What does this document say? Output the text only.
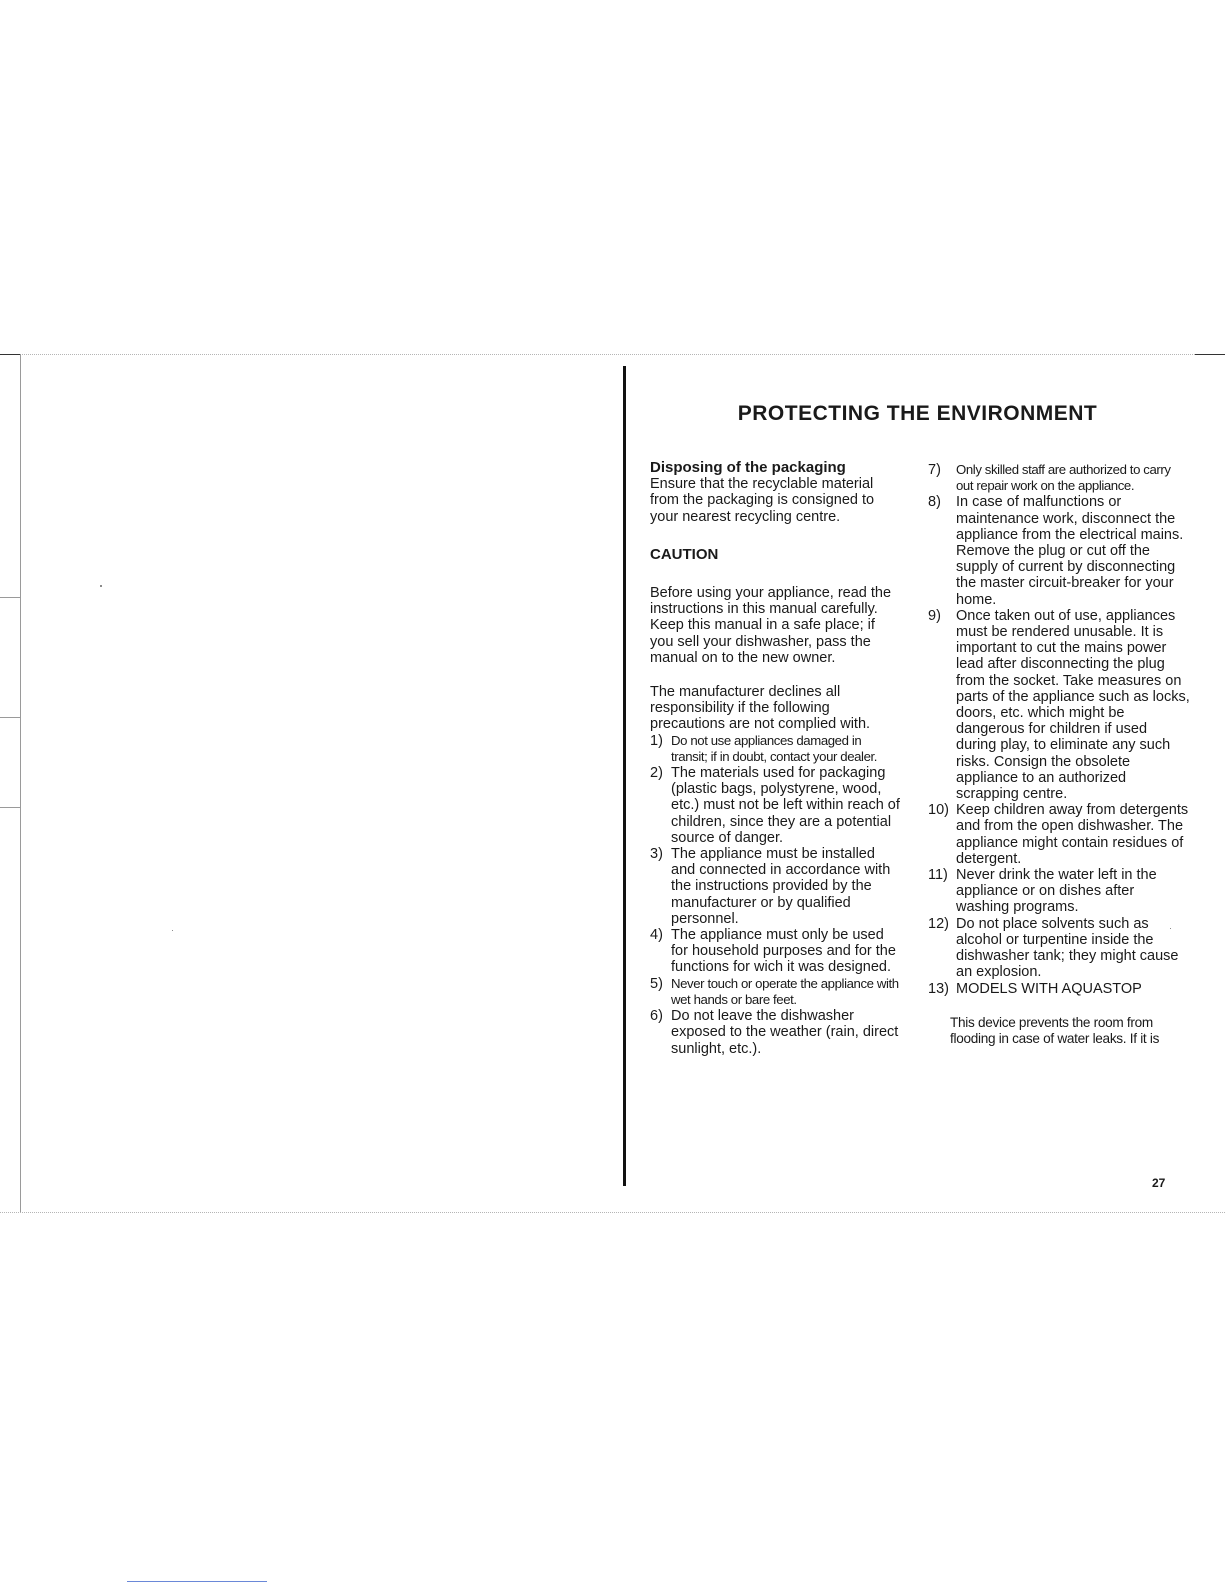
PROTECTING THE ENVIRONMENT

Disposing of the packaging

Ensure that the recyclable material from the packaging is consigned to your nearest recycling centre.

CAUTION

Before using your appliance, read the instructions in this manual carefully. Keep this manual in a safe place; if you sell your dishwasher, pass the manual on to the new owner.

The manufacturer declines all responsibility if the following precautions are not complied with.

1) Do not use appliances damaged in transit; if in doubt, contact your dealer.
2) The materials used for packaging (plastic bags, polystyrene, wood, etc.) must not be left within reach of children, since they are a potential source of danger.
3) The appliance must be installed and connected in accordance with the instructions provided by the manufacturer or by qualified personnel.
4) The appliance must only be used for household purposes and for the functions for wich it was designed.
5) Never touch or operate the appliance with wet hands or bare feet.
6) Do not leave the dishwasher exposed to the weather (rain, direct sunlight, etc.).
7)	Only skilled staff are authorized to carry out repair work on the appliance.
8)	In case of malfunctions or maintenance work, disconnect the appliance from the electrical mains. Remove the plug or cut off the supply of current by disconnecting the master circuit-breaker for your home.
9)	Once taken out of use, appliances must be rendered unusable. It is important to cut the mains power lead after disconnecting the plug from the socket. Take measures on parts of the appliance such as locks, doors, etc. which might be dangerous for children if used during play, to eliminate any such risks. Consign the obsolete appliance to an authorized scrapping centre.
10) Keep children away from detergents and from the open dishwasher. The appliance might contain residues of detergent.
11) Never drink the water left in the appliance or on dishes after washing programs.
12) Do not place solvents such as alcohol or turpentine inside the dishwasher tank; they might cause an explosion.
13) MODELS WITH AQUASTOP

This device prevents the room from flooding in case of water leaks. If it is

27
